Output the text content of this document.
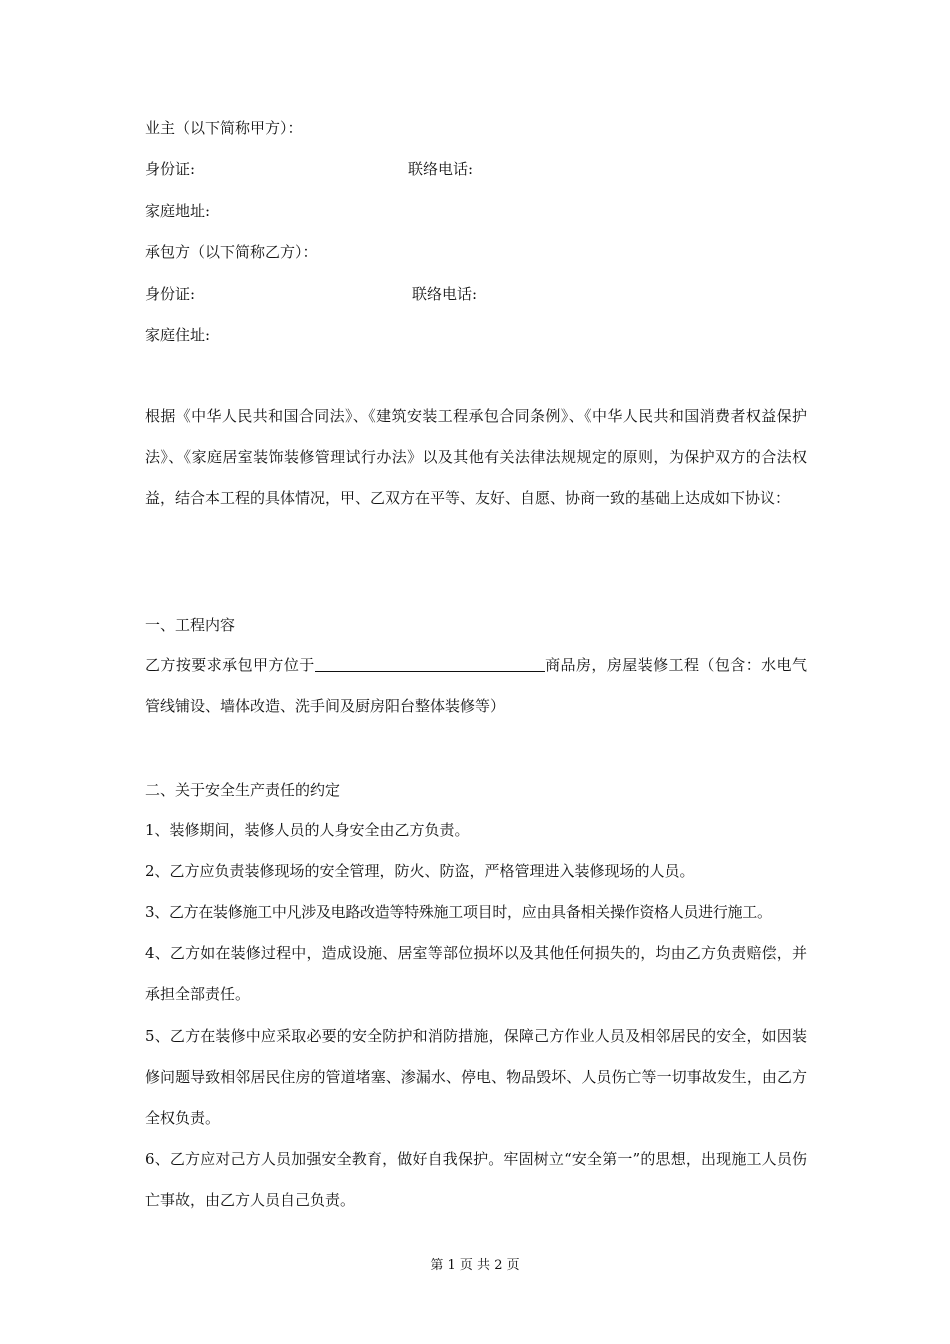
业主（以下简称甲方）：
身份证:	联络电话:
家庭地址:
承包方（以下简称乙方）：
身份证:	联络电话:
家庭住址:
根据《中华人民共和国合同法》、《建筑安装工程承包合同条例》、《中华人民共和国消费者权益保护法》、《家庭居室装饰装修管理试行办法》以及其他有关法律法规规定的原则，为保护双方的合法权益，结合本工程的具体情况，甲、乙双方在平等、友好、自愿、协商一致的基础上达成如下协议：
一、工程内容
乙方按要求承包甲方位于	商品房，房屋装修工程（包含：水电气管线铺设、墙体改造、洗手间及厨房阳台整体装修等）
二、关于安全生产责任的约定
1、装修期间，装修人员的人身安全由乙方负责。
2、乙方应负责装修现场的安全管理，防火、防盗，严格管理进入装修现场的人员。
3、乙方在装修施工中凡涉及电路改造等特殊施工项目时，应由具备相关操作资格人员进行施工。
4、乙方如在装修过程中，造成设施、居室等部位损坏以及其他任何损失的，均由乙方负责赔偿，并承担全部责任。
5、乙方在装修中应采取必要的安全防护和消防措施，保障己方作业人员及相邻居民的安全，如因装修问题导致相邻居民住房的管道堵塞、渗漏水、停电、物品毁坏、人员伤亡等一切事故发生，由乙方全权负责。
6、乙方应对己方人员加强安全教育，做好自我保护。牢固树立“安全第一”的思想，出现施工人员伤亡事故，由乙方人员自己负责。
第 1 页 共 2 页
